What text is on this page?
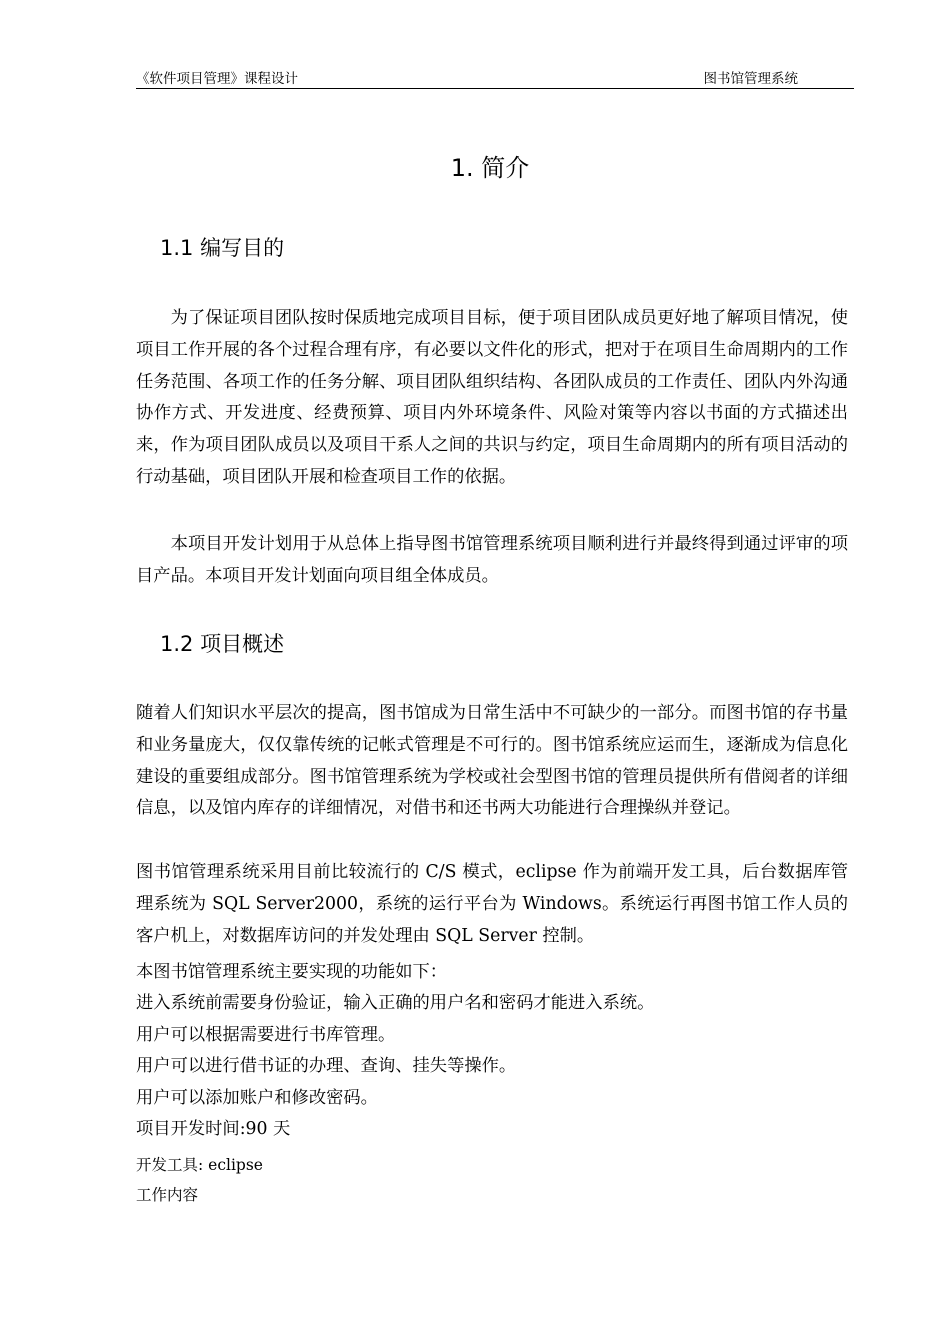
《软件项目管理》课程设计	图书馆管理系统
1. 简介
1.1 编写目的

为了保证项目团队按时保质地完成项目目标，便于项目团队成员更好地了解项目情况，使项目工作开展的各个过程合理有序，有必要以文件化的形式，把对于在项目生命周期内的工作任务范围、各项工作的任务分解、项目团队组织结构、各团队成员的工作责任、团队内外沟通协作方式、开发进度、经费预算、项目内外环境条件、风险对策等内容以书面的方式描述出来，作为项目团队成员以及项目干系人之间的共识与约定，项目生命周期内的所有项目活动的行动基础，项目团队开展和检查项目工作的依据。

本项目开发计划用于从总体上指导图书馆管理系统项目顺利进行并最终得到通过评审的项目产品。本项目开发计划面向项目组全体成员。

1.2 项目概述

随着人们知识水平层次的提高，图书馆成为日常生活中不可缺少的一部分。而图书馆的存书量和业务量庞大，仅仅靠传统的记帐式管理是不可行的。图书馆系统应运而生，逐渐成为信息化建设的重要组成部分。图书馆管理系统为学校或社会型图书馆的管理员提供所有借阅者的详细信息，以及馆内库存的详细情况，对借书和还书两大功能进行合理操纵并登记。

图书馆管理系统采用目前比较流行的 C/S 模式，eclipse 作为前端开发工具，后台数据库管理系统为 SQL Server2000，系统的运行平台为 Windows。系统运行再图书馆工作人员的客户机上，对数据库访问的并发处理由 SQL Server 控制。

本图书馆管理系统主要实现的功能如下：

进入系统前需要身份验证，输入正确的用户名和密码才能进入系统。

用户可以根据需要进行书库管理。

用户可以进行借书证的办理、查询、挂失等操作。

用户可以添加账户和修改密码。

项目开发时间:90 天

开发工具: eclipse

工作内容
